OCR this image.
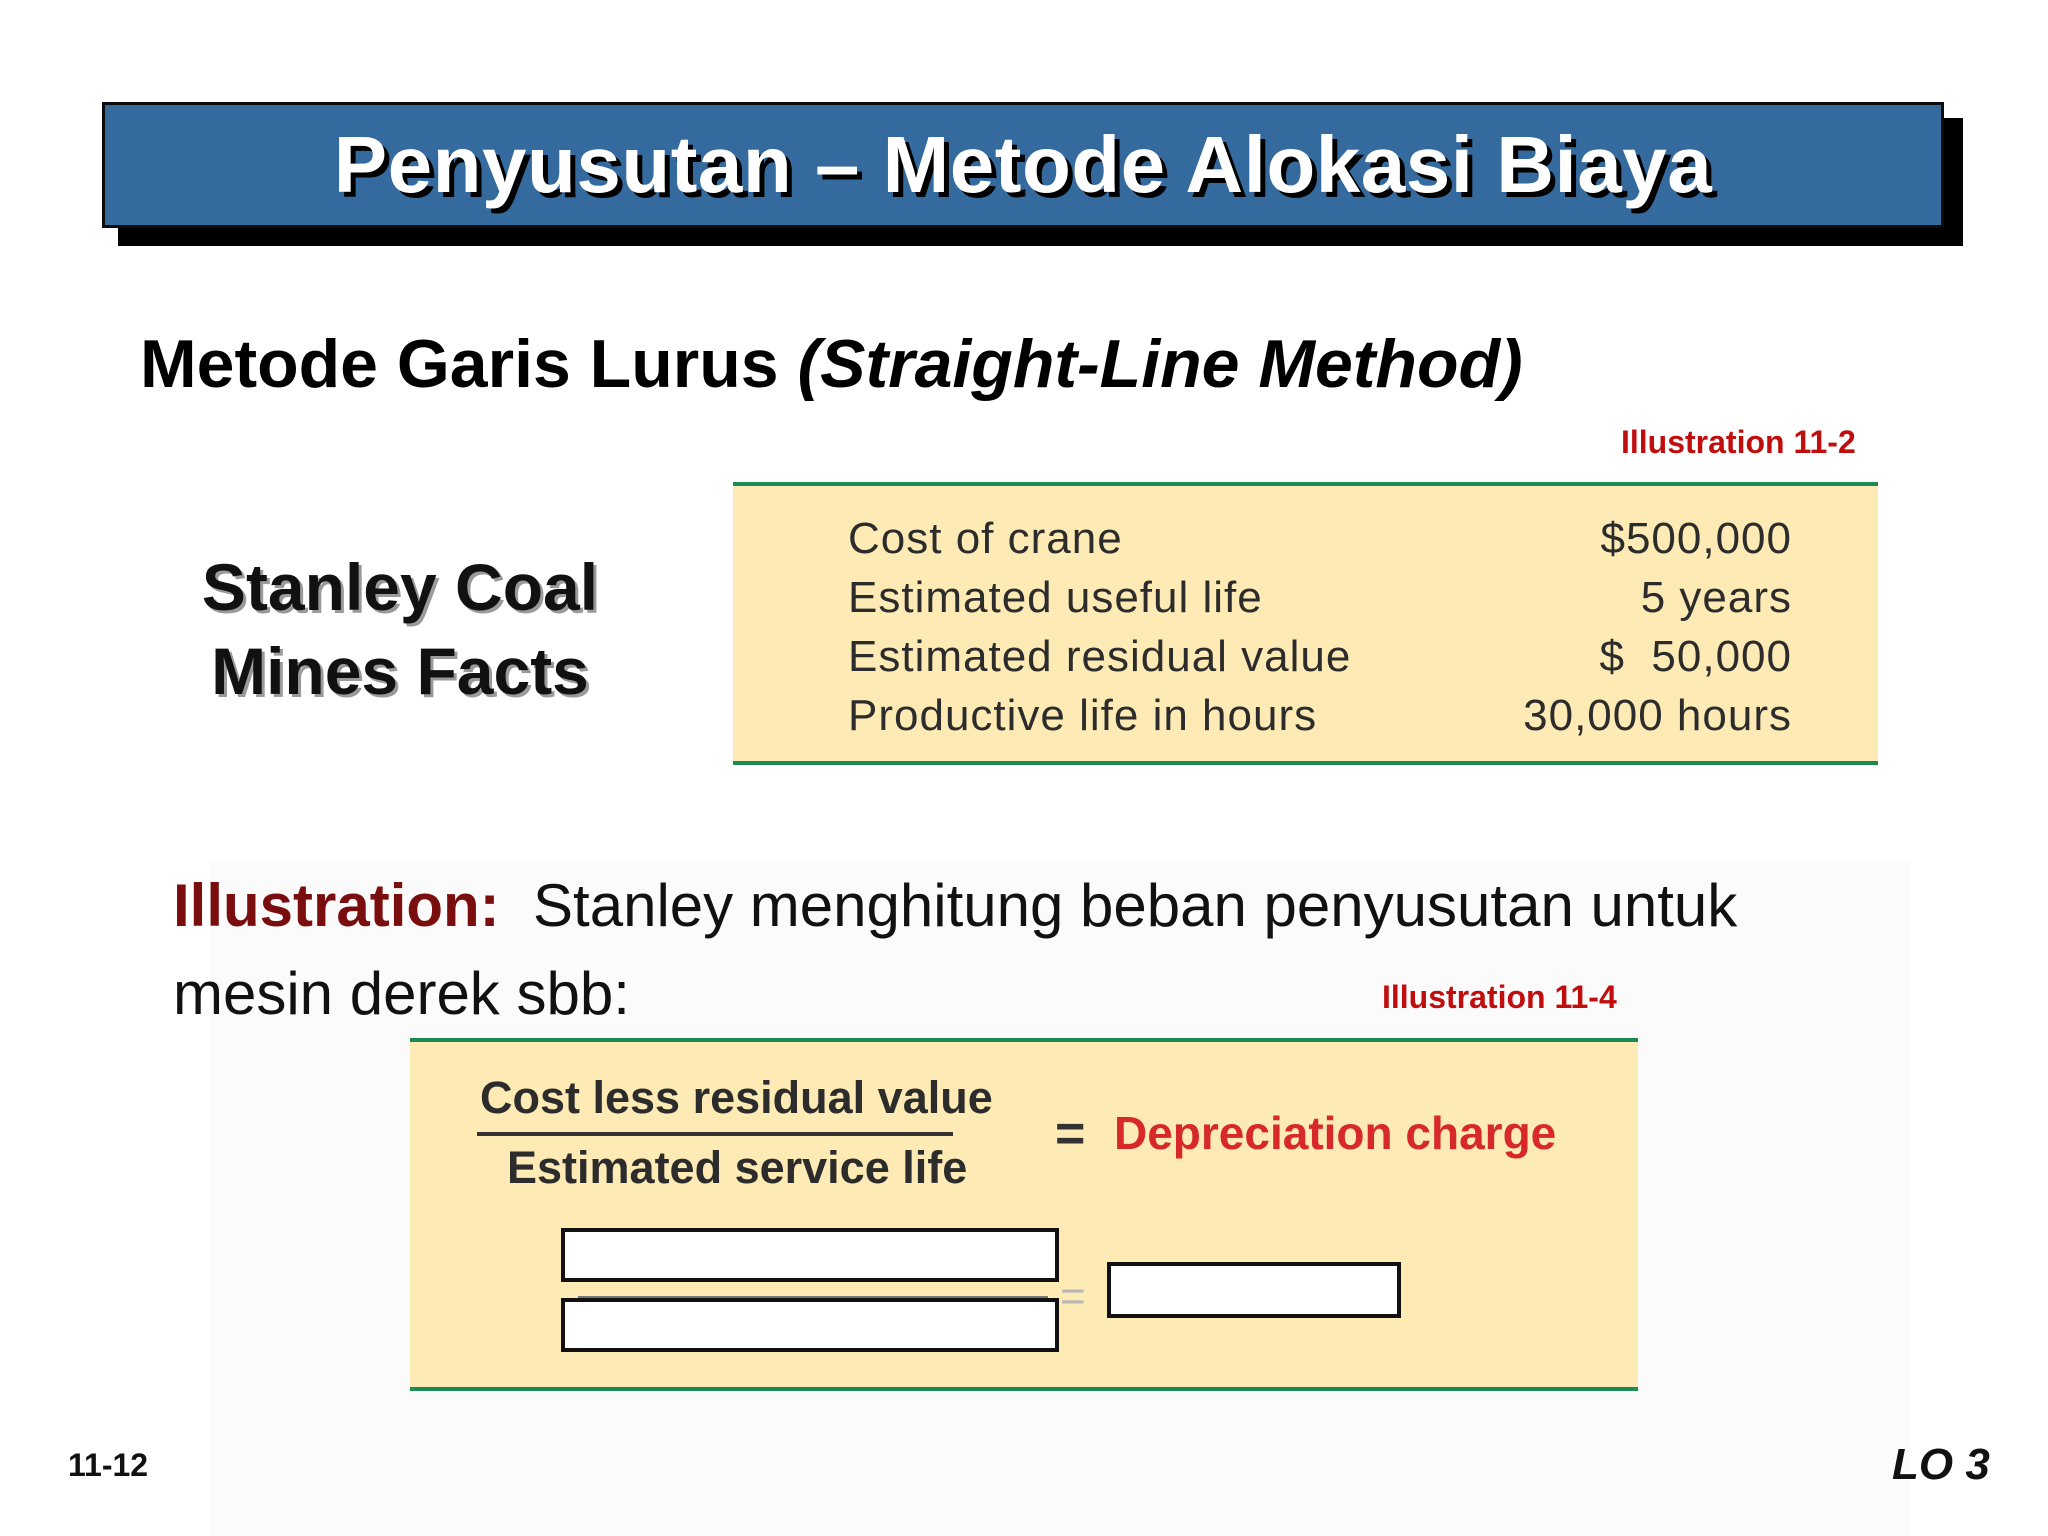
Penyusutan – Metode Alokasi Biaya
Metode Garis Lurus (Straight-Line Method)
Illustration 11-2
Stanley Coal
Mines Facts
Cost of crane	$500,000
Estimated useful life	5 years
Estimated residual value	$  50,000
Productive life in hours	30,000 hours
Illustration:  Stanley menghitung beban penyusutan untuk mesin derek sbb:	Illustration 11-4
Cost less residual value
Estimated service life
= Depreciation charge
=
11-12	LO 3
